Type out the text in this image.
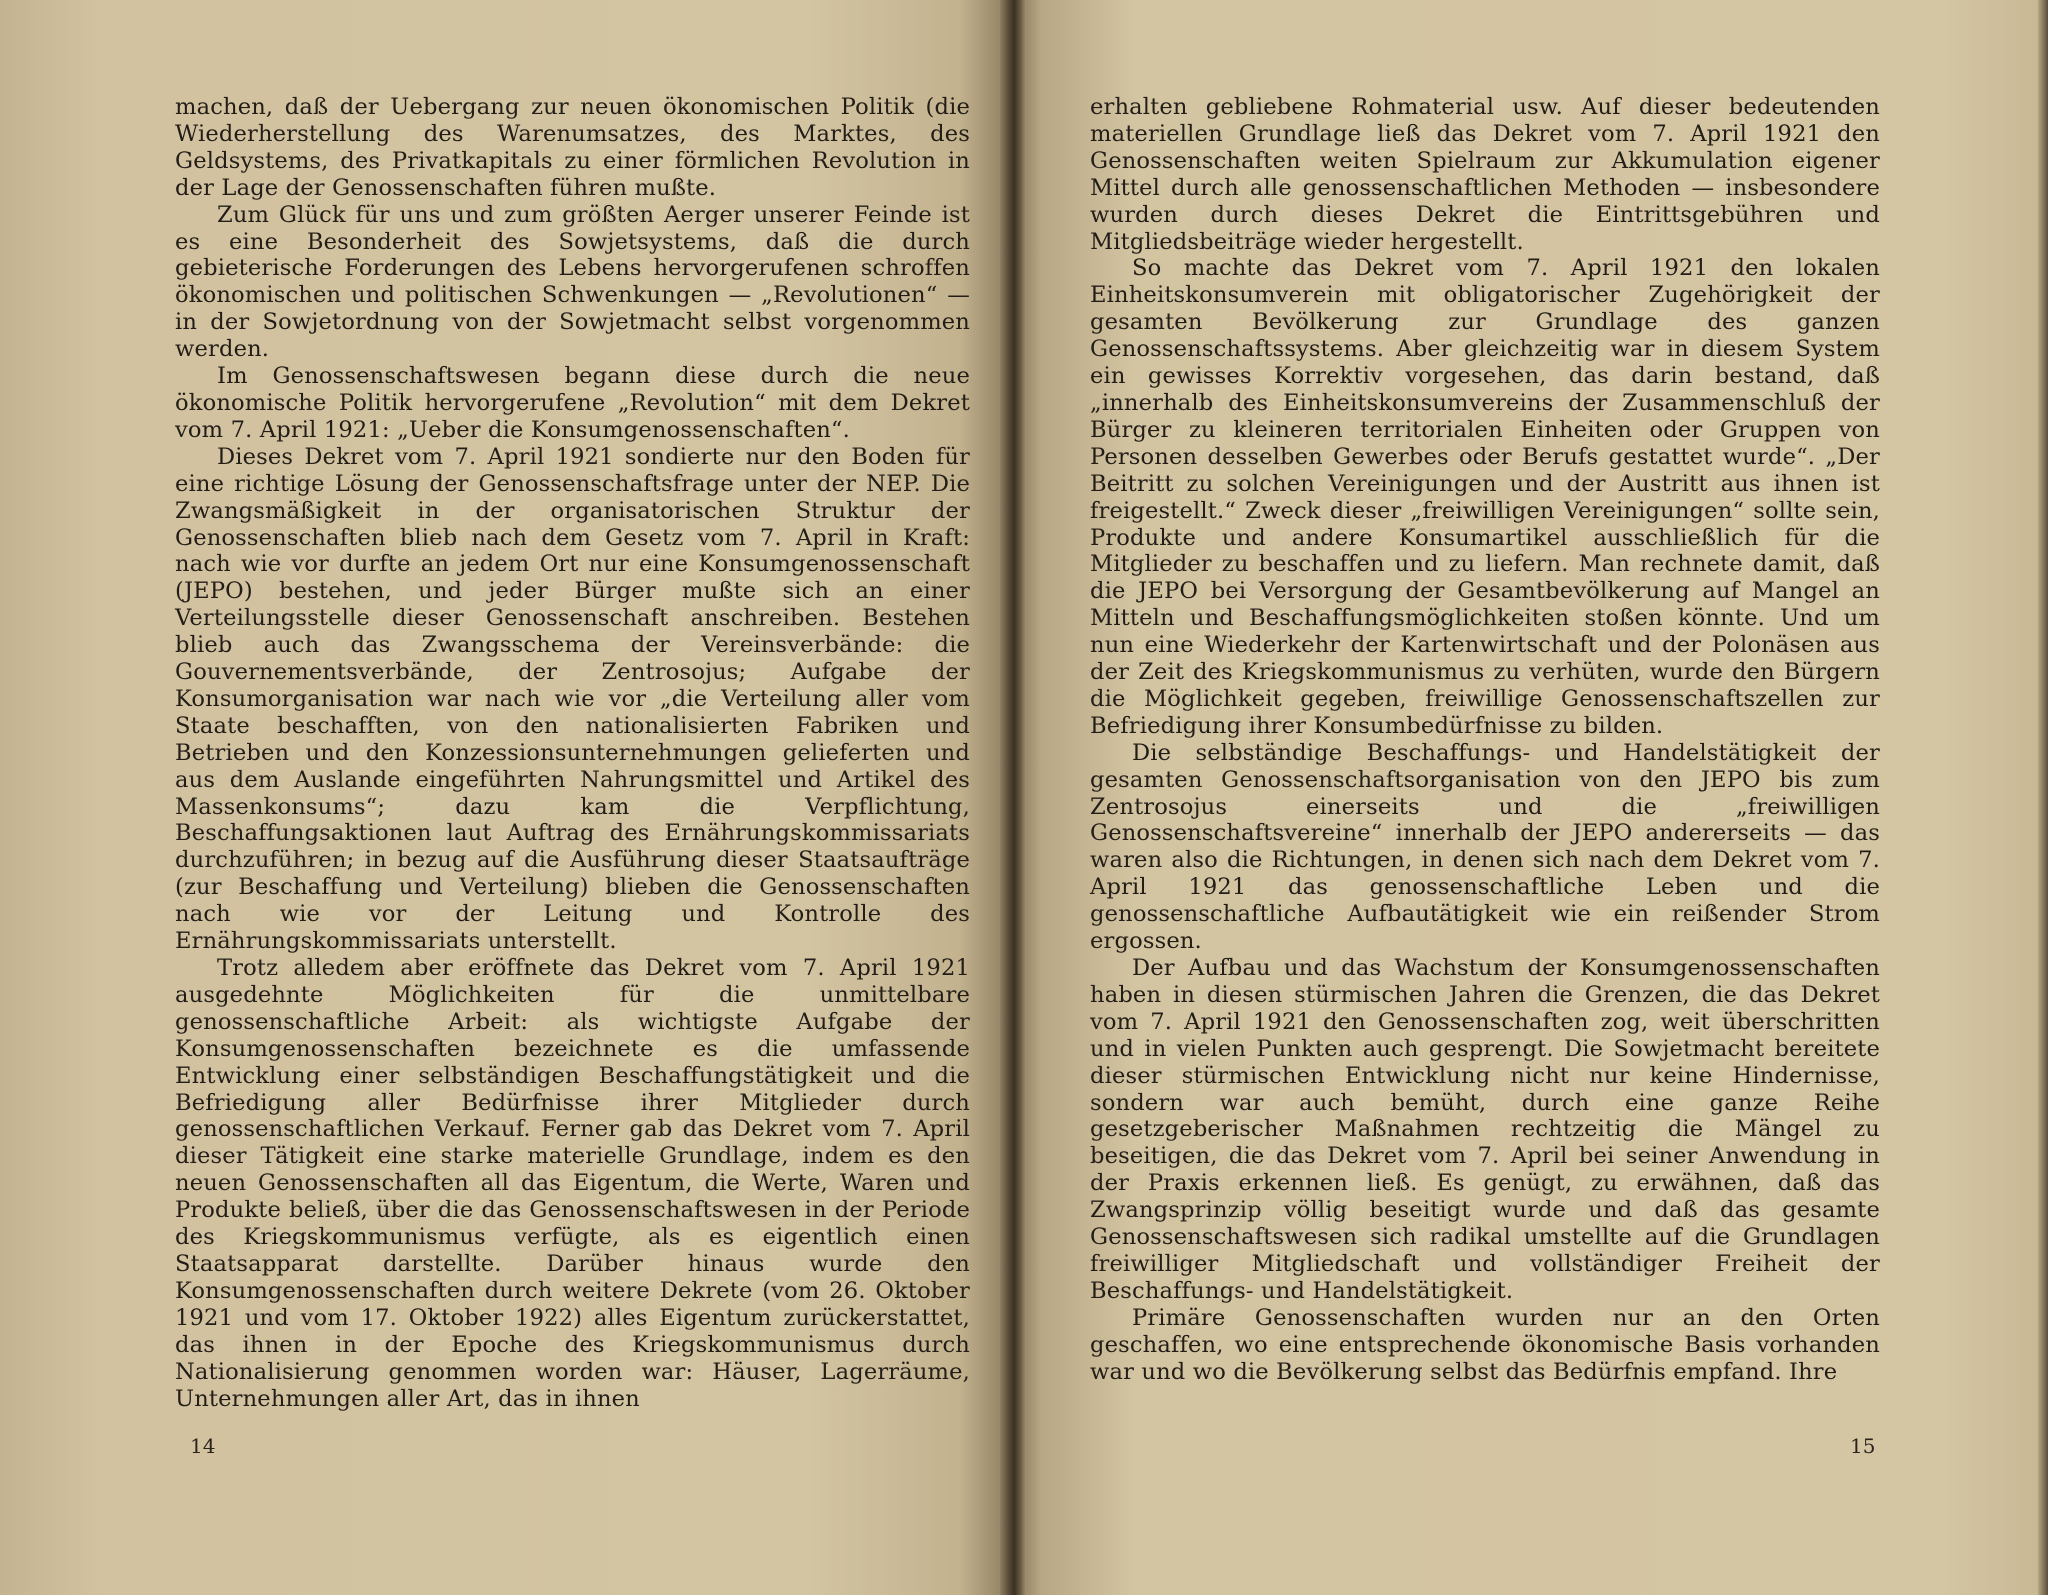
machen, daß der Uebergang zur neuen ökonomischen Politik (die Wiederherstellung des Warenumsatzes, des Marktes, des Geldsystems, des Privatkapitals zu einer förmlichen Revolution in der Lage der Genossenschaften führen mußte.

Zum Glück für uns und zum größten Aerger unserer Feinde ist es eine Besonderheit des Sowjetsystems, daß die durch gebieterische Forderungen des Lebens hervorgerufenen schroffen ökonomischen und politischen Schwenkungen — „Revolutionen“ — in der Sowjetordnung von der Sowjetmacht selbst vorgenommen werden.

Im Genossenschaftswesen begann diese durch die neue ökonomische Politik hervorgerufene „Revolution“ mit dem Dekret vom 7. April 1921: „Ueber die Konsumgenossenschaften“.

Dieses Dekret vom 7. April 1921 sondierte nur den Boden für eine richtige Lösung der Genossenschaftsfrage unter der NEP. Die Zwangsmäßigkeit in der organisatorischen Struktur der Genossenschaften blieb nach dem Gesetz vom 7. April in Kraft: nach wie vor durfte an jedem Ort nur eine Konsumgenossenschaft (JEPO) bestehen, und jeder Bürger mußte sich an einer Verteilungsstelle dieser Genossenschaft anschreiben. Bestehen blieb auch das Zwangsschema der Vereinsverbände: die Gouvernementsverbände, der Zentrosojus; Aufgabe der Konsumorganisation war nach wie vor „die Verteilung aller vom Staate beschafften, von den nationalisierten Fabriken und Betrieben und den Konzessionsunternehmungen gelieferten und aus dem Auslande eingeführten Nahrungsmittel und Artikel des Massenkonsums“; dazu kam die Verpflichtung, Beschaffungsaktionen laut Auftrag des Ernährungskommissariats durchzuführen; in bezug auf die Ausführung dieser Staatsaufträge (zur Beschaffung und Verteilung) blieben die Genossenschaften nach wie vor der Leitung und Kontrolle des Ernährungskommissariats unterstellt.

Trotz alledem aber eröffnete das Dekret vom 7. April 1921 ausgedehnte Möglichkeiten für die unmittelbare genossenschaftliche Arbeit: als wichtigste Aufgabe der Konsumgenossenschaften bezeichnete es die umfassende Entwicklung einer selbständigen Beschaffungstätigkeit und die Befriedigung aller Bedürfnisse ihrer Mitglieder durch genossenschaftlichen Verkauf. Ferner gab das Dekret vom 7. April dieser Tätigkeit eine starke materielle Grundlage, indem es den neuen Genossenschaften all das Eigentum, die Werte, Waren und Produkte beließ, über die das Genossenschaftswesen in der Periode des Kriegskommunismus verfügte, als es eigentlich einen Staatsapparat darstellte. Darüber hinaus wurde den Konsumgenossenschaften durch weitere Dekrete (vom 26. Oktober 1921 und vom 17. Oktober 1922) alles Eigentum zurückerstattet, das ihnen in der Epoche des Kriegskommunismus durch Nationalisierung genommen worden war: Häuser, Lagerräume, Unternehmungen aller Art, das in ihnen

14

erhalten gebliebene Rohmaterial usw. Auf dieser bedeutenden materiellen Grundlage ließ das Dekret vom 7. April 1921 den Genossenschaften weiten Spielraum zur Akkumulation eigener Mittel durch alle genossenschaftlichen Methoden — insbesondere wurden durch dieses Dekret die Eintrittsgebühren und Mitgliedsbeiträge wieder hergestellt.

So machte das Dekret vom 7. April 1921 den lokalen Einheitskonsumverein mit obligatorischer Zugehörigkeit der gesamten Bevölkerung zur Grundlage des ganzen Genossenschaftssystems. Aber gleichzeitig war in diesem System ein gewisses Korrektiv vorgesehen, das darin bestand, daß „innerhalb des Einheitskonsumvereins der Zusammenschluß der Bürger zu kleineren territorialen Einheiten oder Gruppen von Personen desselben Gewerbes oder Berufs gestattet wurde“. „Der Beitritt zu solchen Vereinigungen und der Austritt aus ihnen ist freigestellt.“ Zweck dieser „freiwilligen Vereinigungen“ sollte sein, Produkte und andere Konsumartikel ausschließlich für die Mitglieder zu beschaffen und zu liefern. Man rechnete damit, daß die JEPO bei Versorgung der Gesamtbevölkerung auf Mangel an Mitteln und Beschaffungsmöglichkeiten stoßen könnte. Und um nun eine Wiederkehr der Kartenwirtschaft und der Polonäsen aus der Zeit des Kriegskommunismus zu verhüten, wurde den Bürgern die Möglichkeit gegeben, freiwillige Genossenschaftszellen zur Befriedigung ihrer Konsumbedürfnisse zu bilden.

Die selbständige Beschaffungs- und Handelstätigkeit der gesamten Genossenschaftsorganisation von den JEPO bis zum Zentrosojus einerseits und die „freiwilligen Genossenschaftsvereine“ innerhalb der JEPO andererseits — das waren also die Richtungen, in denen sich nach dem Dekret vom 7. April 1921 das genossenschaftliche Leben und die genossenschaftliche Aufbautätigkeit wie ein reißender Strom ergossen.

Der Aufbau und das Wachstum der Konsumgenossenschaften haben in diesen stürmischen Jahren die Grenzen, die das Dekret vom 7. April 1921 den Genossenschaften zog, weit überschritten und in vielen Punkten auch gesprengt. Die Sowjetmacht bereitete dieser stürmischen Entwicklung nicht nur keine Hindernisse, sondern war auch bemüht, durch eine ganze Reihe gesetzgeberischer Maßnahmen rechtzeitig die Mängel zu beseitigen, die das Dekret vom 7. April bei seiner Anwendung in der Praxis erkennen ließ. Es genügt, zu erwähnen, daß das Zwangsprinzip völlig beseitigt wurde und daß das gesamte Genossenschaftswesen sich radikal umstellte auf die Grundlagen freiwilliger Mitgliedschaft und vollständiger Freiheit der Beschaffungs- und Handelstätigkeit.

Primäre Genossenschaften wurden nur an den Orten geschaffen, wo eine entsprechende ökonomische Basis vorhanden war und wo die Bevölkerung selbst das Bedürfnis empfand. Ihre

15
